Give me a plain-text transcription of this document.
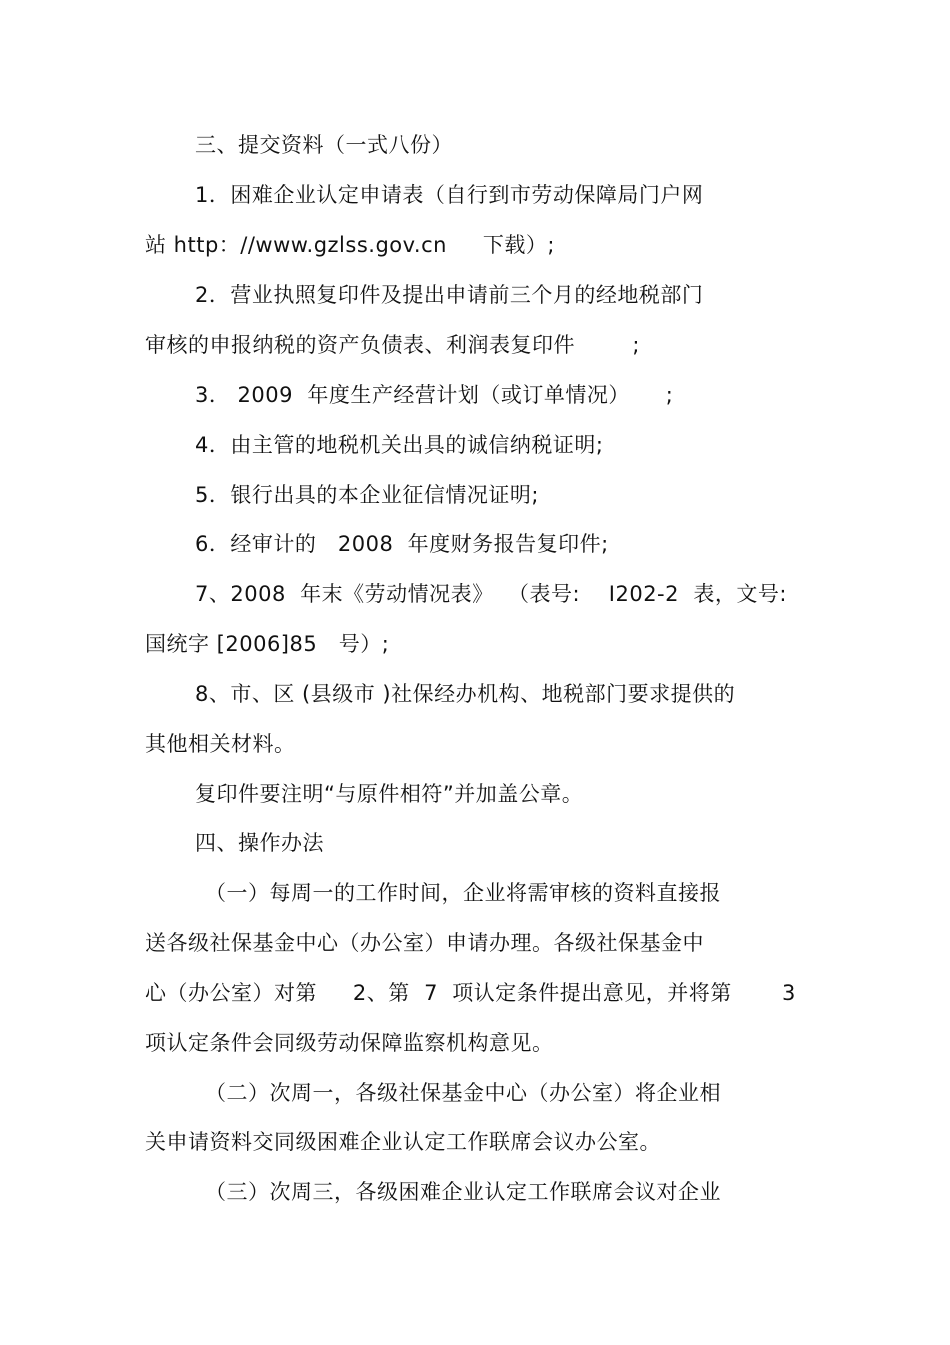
三、提交资料（一式八份）
1．困难企业认定申请表（自行到市劳动保障局门户网
站 http：//www.gzlss.gov.cn     下载）;
2．营业执照复印件及提出申请前三个月的经地税部门
审核的申报纳税的资产负债表、利润表复印件        ;
3． 2009  年度生产经营计划（或订单情况）     ;
4．由主管的地税机关出具的诚信纳税证明;
5．银行出具的本企业征信情况证明;
6．经审计的   2008  年度财务报告复印件;
7、2008  年末《劳动情况表》  （表号:    I202-2  表，文号:
国统字 [2006]85   号）;
8、市、区 (县级市 )社保经办机构、地税部门要求提供的
其他相关材料。
复印件要注明“与原件相符”并加盖公章。
四、操作办法
（一）每周一的工作时间，企业将需审核的资料直接报
送各级社保基金中心（办公室）申请办理。各级社保基金中
心（办公室）对第     2、第  7  项认定条件提出意见，并将第       3
项认定条件会同级劳动保障监察机构意见。
（二）次周一，各级社保基金中心（办公室）将企业相
关申请资料交同级困难企业认定工作联席会议办公室。
（三）次周三，各级困难企业认定工作联席会议对企业
